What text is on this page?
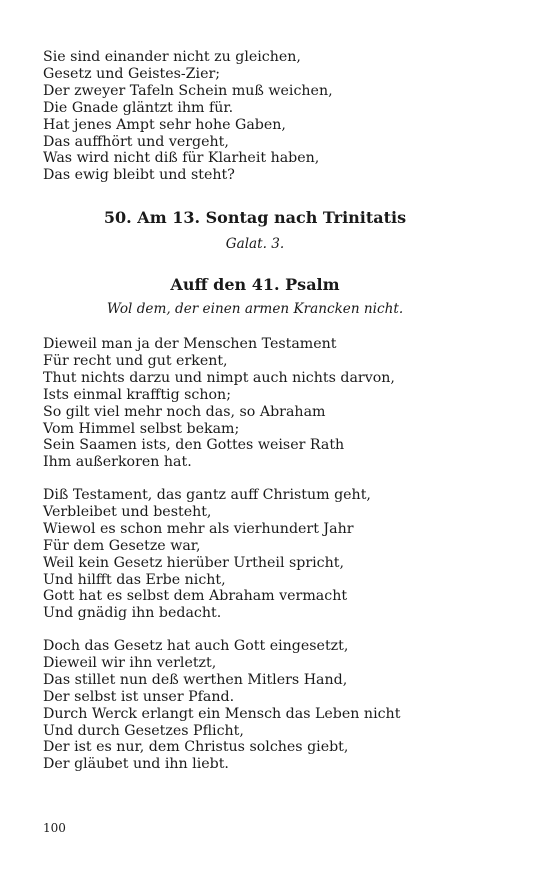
Sie sind einander nicht zu gleichen,
Gesetz und Geistes-Zier;
Der zweyer Tafeln Schein muß weichen,
Die Gnade gläntzt ihm für.
Hat jenes Ampt sehr hohe Gaben,
Das auffhört und vergeht,
Was wird nicht diß für Klarheit haben,
Das ewig bleibt und steht?
50. Am 13. Sontag nach Trinitatis

Galat. 3.

Auff den 41. Psalm

Wol dem, der einen armen Krancken nicht.

Dieweil man ja der Menschen Testament
Für recht und gut erkent,
Thut nichts darzu und nimpt auch nichts darvon,
Ists einmal krafftig schon;
So gilt viel mehr noch das, so Abraham
Vom Himmel selbst bekam;
Sein Saamen ists, den Gottes weiser Rath
Ihm außerkoren hat.
Diß Testament, das gantz auff Christum geht,
Verbleibet und besteht,
Wiewol es schon mehr als vierhundert Jahr
Für dem Gesetze war,
Weil kein Gesetz hierüber Urtheil spricht,
Und hilfft das Erbe nicht,
Gott hat es selbst dem Abraham vermacht
Und gnädig ihn bedacht.
Doch das Gesetz hat auch Gott eingesetzt,
Dieweil wir ihn verletzt,
Das stillet nun deß werthen Mitlers Hand,
Der selbst ist unser Pfand.
Durch Werck erlangt ein Mensch das Leben nicht
Und durch Gesetzes Pflicht,
Der ist es nur, dem Christus solches giebt,
Der gläubet und ihn liebt.
100
